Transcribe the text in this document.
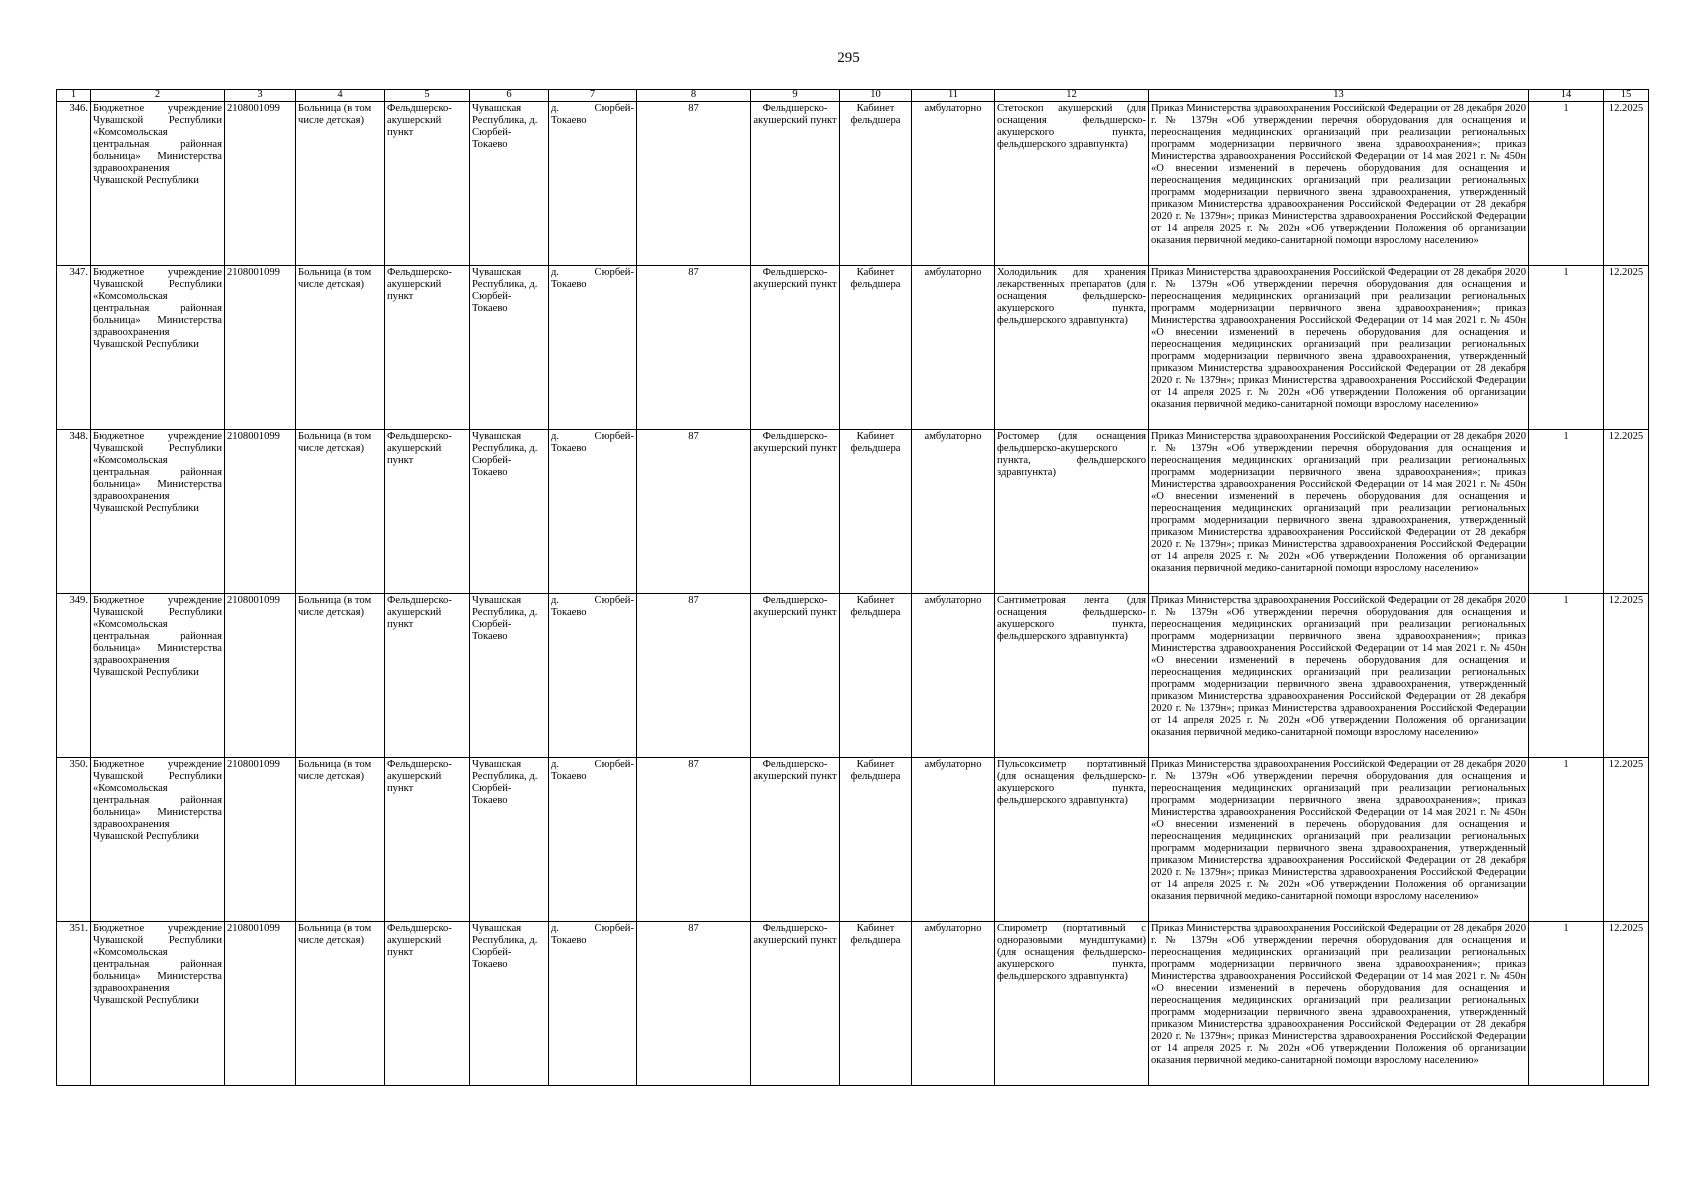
295
1	2	3	4	5	6	7	8	9	10	11	12	13	14	15
346.	Бюджетное учреждение Чувашской Республики «Комсомольская центральная районная больница» Министерства здравоохранения Чувашской Республики	2108001099	Больница (в том числе детская)	Фельдшерско-акушерский пункт	Чувашская Республика, д. Сюрбей-Токаево	д. Сюрбей-Токаево	87	Фельдшерско-акушерский пункт	Кабинет фельдшера	амбулаторно	Стетоскоп акушерский (для оснащения фельдшерско-акушерского пункта, фельдшерского здравпункта)	Приказ Министерства здравоохранения Российской Федерации от 28 декабря 2020 г. № 1379н «Об утверждении перечня оборудования для оснащения и переоснащения медицинских организаций при реализации региональных программ модернизации первичного звена здравоохранения»; приказ Министерства здравоохранения Российской Федерации от 14 мая 2021 г. № 450н «О внесении изменений в перечень оборудования для оснащения и переоснащения медицинских организаций при реализации региональных программ модернизации первичного звена здравоохранения, утвержденный приказом Министерства здравоохранения Российской Федерации от 28 декабря 2020 г. № 1379н»; приказ Министерства здравоохранения Российской Федерации от 14 апреля 2025 г. № 202н «Об утверждении Положения об организации оказания первичной медико-санитарной помощи взрослому населению»	1	12.2025
347.	Бюджетное учреждение Чувашской Республики «Комсомольская центральная районная больница» Министерства здравоохранения Чувашской Республики	2108001099	Больница (в том числе детская)	Фельдшерско-акушерский пункт	Чувашская Республика, д. Сюрбей-Токаево	д. Сюрбей-Токаево	87	Фельдшерско-акушерский пункт	Кабинет фельдшера	амбулаторно	Холодильник для хранения лекарственных препаратов (для оснащения фельдшерско-акушерского пункта, фельдшерского здравпункта)	Приказ Министерства здравоохранения Российской Федерации от 28 декабря 2020 г. № 1379н «Об утверждении перечня оборудования для оснащения и переоснащения медицинских организаций при реализации региональных программ модернизации первичного звена здравоохранения»; приказ Министерства здравоохранения Российской Федерации от 14 мая 2021 г. № 450н «О внесении изменений в перечень оборудования для оснащения и переоснащения медицинских организаций при реализации региональных программ модернизации первичного звена здравоохранения, утвержденный приказом Министерства здравоохранения Российской Федерации от 28 декабря 2020 г. № 1379н»; приказ Министерства здравоохранения Российской Федерации от 14 апреля 2025 г. № 202н «Об утверждении Положения об организации оказания первичной медико-санитарной помощи взрослому населению»	1	12.2025
348.	Бюджетное учреждение Чувашской Республики «Комсомольская центральная районная больница» Министерства здравоохранения Чувашской Республики	2108001099	Больница (в том числе детская)	Фельдшерско-акушерский пункт	Чувашская Республика, д. Сюрбей-Токаево	д. Сюрбей-Токаево	87	Фельдшерско-акушерский пункт	Кабинет фельдшера	амбулаторно	Ростомер (для оснащения фельдшерско-акушерского пункта, фельдшерского здравпункта)	Приказ Министерства здравоохранения Российской Федерации от 28 декабря 2020 г. № 1379н «Об утверждении перечня оборудования для оснащения и переоснащения медицинских организаций при реализации региональных программ модернизации первичного звена здравоохранения»; приказ Министерства здравоохранения Российской Федерации от 14 мая 2021 г. № 450н «О внесении изменений в перечень оборудования для оснащения и переоснащения медицинских организаций при реализации региональных программ модернизации первичного звена здравоохранения, утвержденный приказом Министерства здравоохранения Российской Федерации от 28 декабря 2020 г. № 1379н»; приказ Министерства здравоохранения Российской Федерации от 14 апреля 2025 г. № 202н «Об утверждении Положения об организации оказания первичной медико-санитарной помощи взрослому населению»	1	12.2025
349.	Бюджетное учреждение Чувашской Республики «Комсомольская центральная районная больница» Министерства здравоохранения Чувашской Республики	2108001099	Больница (в том числе детская)	Фельдшерско-акушерский пункт	Чувашская Республика, д. Сюрбей-Токаево	д. Сюрбей-Токаево	87	Фельдшерско-акушерский пункт	Кабинет фельдшера	амбулаторно	Сантиметровая лента (для оснащения фельдшерско-акушерского пункта, фельдшерского здравпункта)	Приказ Министерства здравоохранения Российской Федерации от 28 декабря 2020 г. № 1379н «Об утверждении перечня оборудования для оснащения и переоснащения медицинских организаций при реализации региональных программ модернизации первичного звена здравоохранения»; приказ Министерства здравоохранения Российской Федерации от 14 мая 2021 г. № 450н «О внесении изменений в перечень оборудования для оснащения и переоснащения медицинских организаций при реализации региональных программ модернизации первичного звена здравоохранения, утвержденный приказом Министерства здравоохранения Российской Федерации от 28 декабря 2020 г. № 1379н»; приказ Министерства здравоохранения Российской Федерации от 14 апреля 2025 г. № 202н «Об утверждении Положения об организации оказания первичной медико-санитарной помощи взрослому населению»	1	12.2025
350.	Бюджетное учреждение Чувашской Республики «Комсомольская центральная районная больница» Министерства здравоохранения Чувашской Республики	2108001099	Больница (в том числе детская)	Фельдшерско-акушерский пункт	Чувашская Республика, д. Сюрбей-Токаево	д. Сюрбей-Токаево	87	Фельдшерско-акушерский пункт	Кабинет фельдшера	амбулаторно	Пульсоксиметр портативный (для оснащения фельдшерско-акушерского пункта, фельдшерского здравпункта)	Приказ Министерства здравоохранения Российской Федерации от 28 декабря 2020 г. № 1379н «Об утверждении перечня оборудования для оснащения и переоснащения медицинских организаций при реализации региональных программ модернизации первичного звена здравоохранения»; приказ Министерства здравоохранения Российской Федерации от 14 мая 2021 г. № 450н «О внесении изменений в перечень оборудования для оснащения и переоснащения медицинских организаций при реализации региональных программ модернизации первичного звена здравоохранения, утвержденный приказом Министерства здравоохранения Российской Федерации от 28 декабря 2020 г. № 1379н»; приказ Министерства здравоохранения Российской Федерации от 14 апреля 2025 г. № 202н «Об утверждении Положения об организации оказания первичной медико-санитарной помощи взрослому населению»	1	12.2025
351.	Бюджетное учреждение Чувашской Республики «Комсомольская центральная районная больница» Министерства здравоохранения Чувашской Республики	2108001099	Больница (в том числе детская)	Фельдшерско-акушерский пункт	Чувашская Республика, д. Сюрбей-Токаево	д. Сюрбей-Токаево	87	Фельдшерско-акушерский пункт	Кабинет фельдшера	амбулаторно	Спирометр (портативный с одноразовыми мундштуками) (для оснащения фельдшерско-акушерского пункта, фельдшерского здравпункта)	Приказ Министерства здравоохранения Российской Федерации от 28 декабря 2020 г. № 1379н «Об утверждении перечня оборудования для оснащения и переоснащения медицинских организаций при реализации региональных программ модернизации первичного звена здравоохранения»; приказ Министерства здравоохранения Российской Федерации от 14 мая 2021 г. № 450н «О внесении изменений в перечень оборудования для оснащения и переоснащения медицинских организаций при реализации региональных программ модернизации первичного звена здравоохранения, утвержденный приказом Министерства здравоохранения Российской Федерации от 28 декабря 2020 г. № 1379н»; приказ Министерства здравоохранения Российской Федерации от 14 апреля 2025 г. № 202н «Об утверждении Положения об организации оказания первичной медико-санитарной помощи взрослому населению»	1	12.2025
